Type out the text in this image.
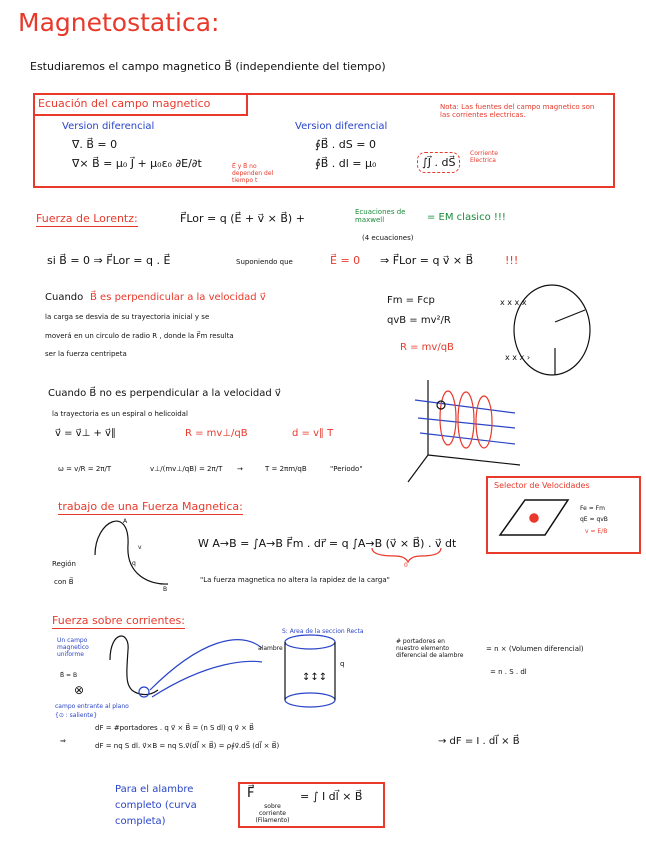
x x x x
x x x ›
↕↕↕
⊗
Magnetostatica:
Estudiaremos el campo magnetico B⃗ (independiente del tiempo)
Ecuación del campo magnetico
Version diferencial
∇. B⃗ = 0
∇× B⃗ = μ₀ J⃗ + μ₀ε₀ ∂E/∂t	E⃗ y B⃗ no dependen del tiempo t
Version diferencial
∮B⃗ . dS = 0
∮B⃗ . dl = μ₀	∫J⃗ . dS⃗
Corriente Electrica
Nota: Las fuentes del campo magnetico son las corrientes electricas.
Fuerza de Lorentz:	F⃗Lor = q (E⃗ + v⃗ × B⃗) +	Ecuaciones de maxwell
(4 ecuaciones)
= EM clasico !!!
si B⃗ = 0 ⇒ F⃗Lor = q . E⃗	Suponiendo que	E⃗ = 0 ⇒ F⃗Lor = q v⃗ × B⃗	!!!
Cuando B⃗ es perpendicular a la velocidad v⃗
la carga se desvia de su trayectoria inicial y se
moverá en un circulo de radio R , donde la F⃗m resulta
ser la fuerza centripeta
Fm = Fcp
qvB = mv²/R
R = mv/qB
Cuando B⃗ no es perpendicular a la velocidad v⃗
la trayectoria es un espiral o helicoidal
v⃗ = v⃗⊥ + v⃗∥	R = mv⊥/qB	d = v∥ T
ω = v/R = 2π/T	v⊥/(mv⊥/qB) = 2π/T →	T = 2πm/qB	"Periodo"
Selector de Velocidades
Fe = Fm
qE = qvB
v = E/B
trabajo de una Fuerza Magnetica:
A
B
q
v
Región
con B⃗
W A→B = ∫A→B F⃗m . dr⃗ = q ∫A→B (v⃗ × B⃗) . v⃗ dt
0
"La fuerza magnetica no altera la rapidez de la carga"
Fuerza sobre corrientes:
Un campo magnetico uniforme
B⃗ = B
campo entrante al plano
{⊙ : saliente}
S: Area de la seccion Recta
alambre
q
# portadores en nuestro elemento diferencial de alambre
= n × (Volumen diferencial)
= n . S . dl
⇒
dF = #portadores . q v⃗ × B⃗ = (n S dl) q v⃗ × B⃗
dF = nq S dl. v⃗×B = nq S.v⃗(dl⃗ × B⃗) = ρ∮v⃗.dS⃗ (dl⃗ × B⃗)	→ dF = I . dl⃗ × B⃗
Para el alambre completo (curva completa)
F⃗
sobre corriente (Filamento)
= ∫ I dl⃗ × B⃗
